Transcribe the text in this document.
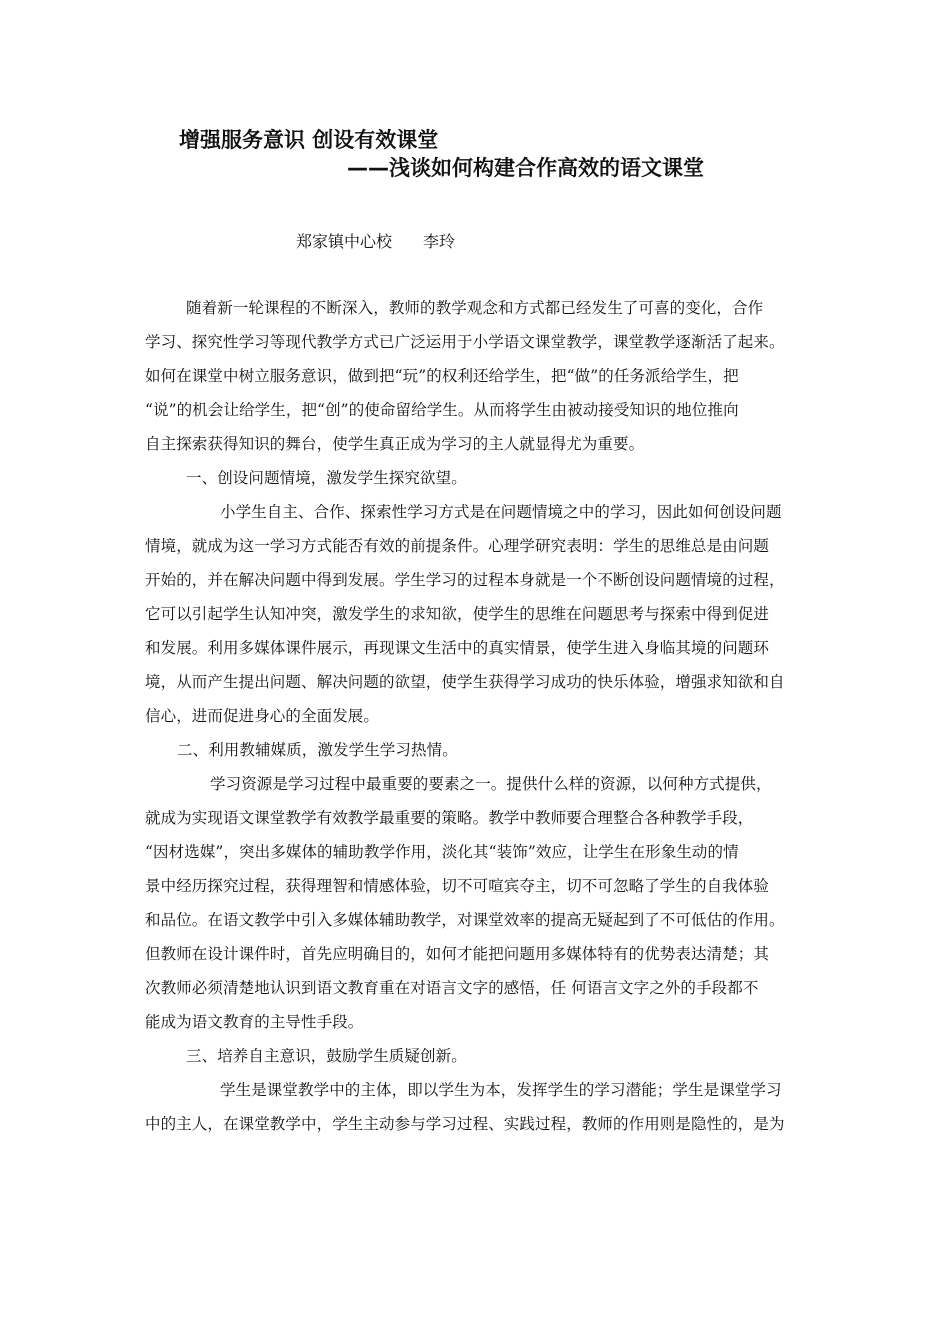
增强服务意识 创设有效课堂
——浅谈如何构建合作高效的语文课堂
郑家镇中心校 李玲
随着新一轮课程的不断深入，教师的教学观念和方式都已经发生了可喜的变化，合作
学习、探究性学习等现代教学方式已广泛运用于小学语文课堂教学，课堂教学逐渐活了起来。
如何在课堂中树立服务意识，做到把“玩”的权利还给学生，把“做”的任务派给学生，把
“说”的机会让给学生，把“创”的使命留给学生。从而将学生由被动接受知识的地位推向
自主探索获得知识的舞台，使学生真正成为学习的主人就显得尤为重要。
一、创设问题情境，激发学生探究欲望。
小学生自主、合作、探索性学习方式是在问题情境之中的学习，因此如何创设问题
情境，就成为这一学习方式能否有效的前提条件。心理学研究表明：学生的思维总是由问题
开始的，并在解决问题中得到发展。学生学习的过程本身就是一个不断创设问题情境的过程，
它可以引起学生认知冲突，激发学生的求知欲，使学生的思维在问题思考与探索中得到促进
和发展。利用多媒体课件展示，再现课文生活中的真实情景，使学生进入身临其境的问题环
境，从而产生提出问题、解决问题的欲望，使学生获得学习成功的快乐体验，增强求知欲和自
信心，进而促进身心的全面发展。
二、利用教辅媒质，激发学生学习热情。
学习资源是学习过程中最重要的要素之一。提供什么样的资源，以何种方式提供，
就成为实现语文课堂教学有效教学最重要的策略。教学中教师要合理整合各种教学手段，
“因材选媒”，突出多媒体的辅助教学作用，淡化其“装饰”效应，让学生在形象生动的情
景中经历探究过程，获得理智和情感体验，切不可喧宾夺主，切不可忽略了学生的自我体验
和品位。在语文教学中引入多媒体辅助教学，对课堂效率的提高无疑起到了不可低估的作用。
但教师在设计课件时，首先应明确目的，如何才能把问题用多媒体特有的优势表达清楚；其
次教师必须清楚地认识到语文教育重在对语言文字的感悟，任 何语言文字之外的手段都不
能成为语文教育的主导性手段。
三、培养自主意识，鼓励学生质疑创新。
学生是课堂教学中的主体，即以学生为本，发挥学生的学习潜能；学生是课堂学习
中的主人，在课堂教学中，学生主动参与学习过程、实践过程，教师的作用则是隐性的，是为
